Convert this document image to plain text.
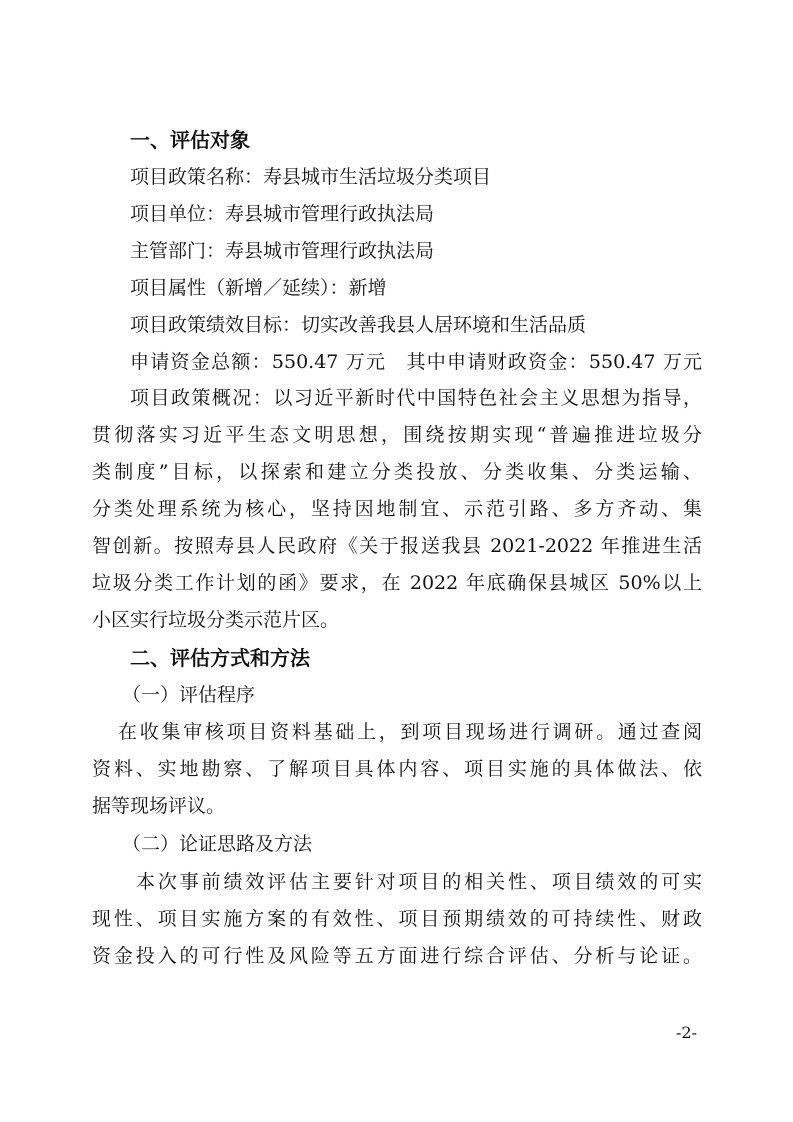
一、评估对象
项目政策名称：寿县城市生活垃圾分类项目
项目单位：寿县城市管理行政执法局
主管部门：寿县城市管理行政执法局
项目属性（新增／延续）：新增
项目政策绩效目标：切实改善我县人居环境和生活品质
申请资金总额：550.47 万元　其中申请财政资金：550.47 万元
项目政策概况：以习近平新时代中国特色社会主义思想为指导，
贯彻落实习近平生态文明思想，围绕按期实现“普遍推进垃圾分
类制度”目标，以探索和建立分类投放、分类收集、分类运输、
分类处理系统为核心，坚持因地制宜、示范引路、多方齐动、集
智创新。按照寿县人民政府《关于报送我县 2021-2022 年推进生活
垃圾分类工作计划的函》要求，在 2022 年底确保县城区 50%以上
小区实行垃圾分类示范片区。
二、评估方式和方法
（一）评估程序
在收集审核项目资料基础上，到项目现场进行调研。通过查阅
资料、实地勘察、了解项目具体内容、项目实施的具体做法、依
据等现场评议。
（二）论证思路及方法
本次事前绩效评估主要针对项目的相关性、项目绩效的可实
现性、项目实施方案的有效性、项目预期绩效的可持续性、财政
资金投入的可行性及风险等五方面进行综合评估、分析与论证。
-2-
